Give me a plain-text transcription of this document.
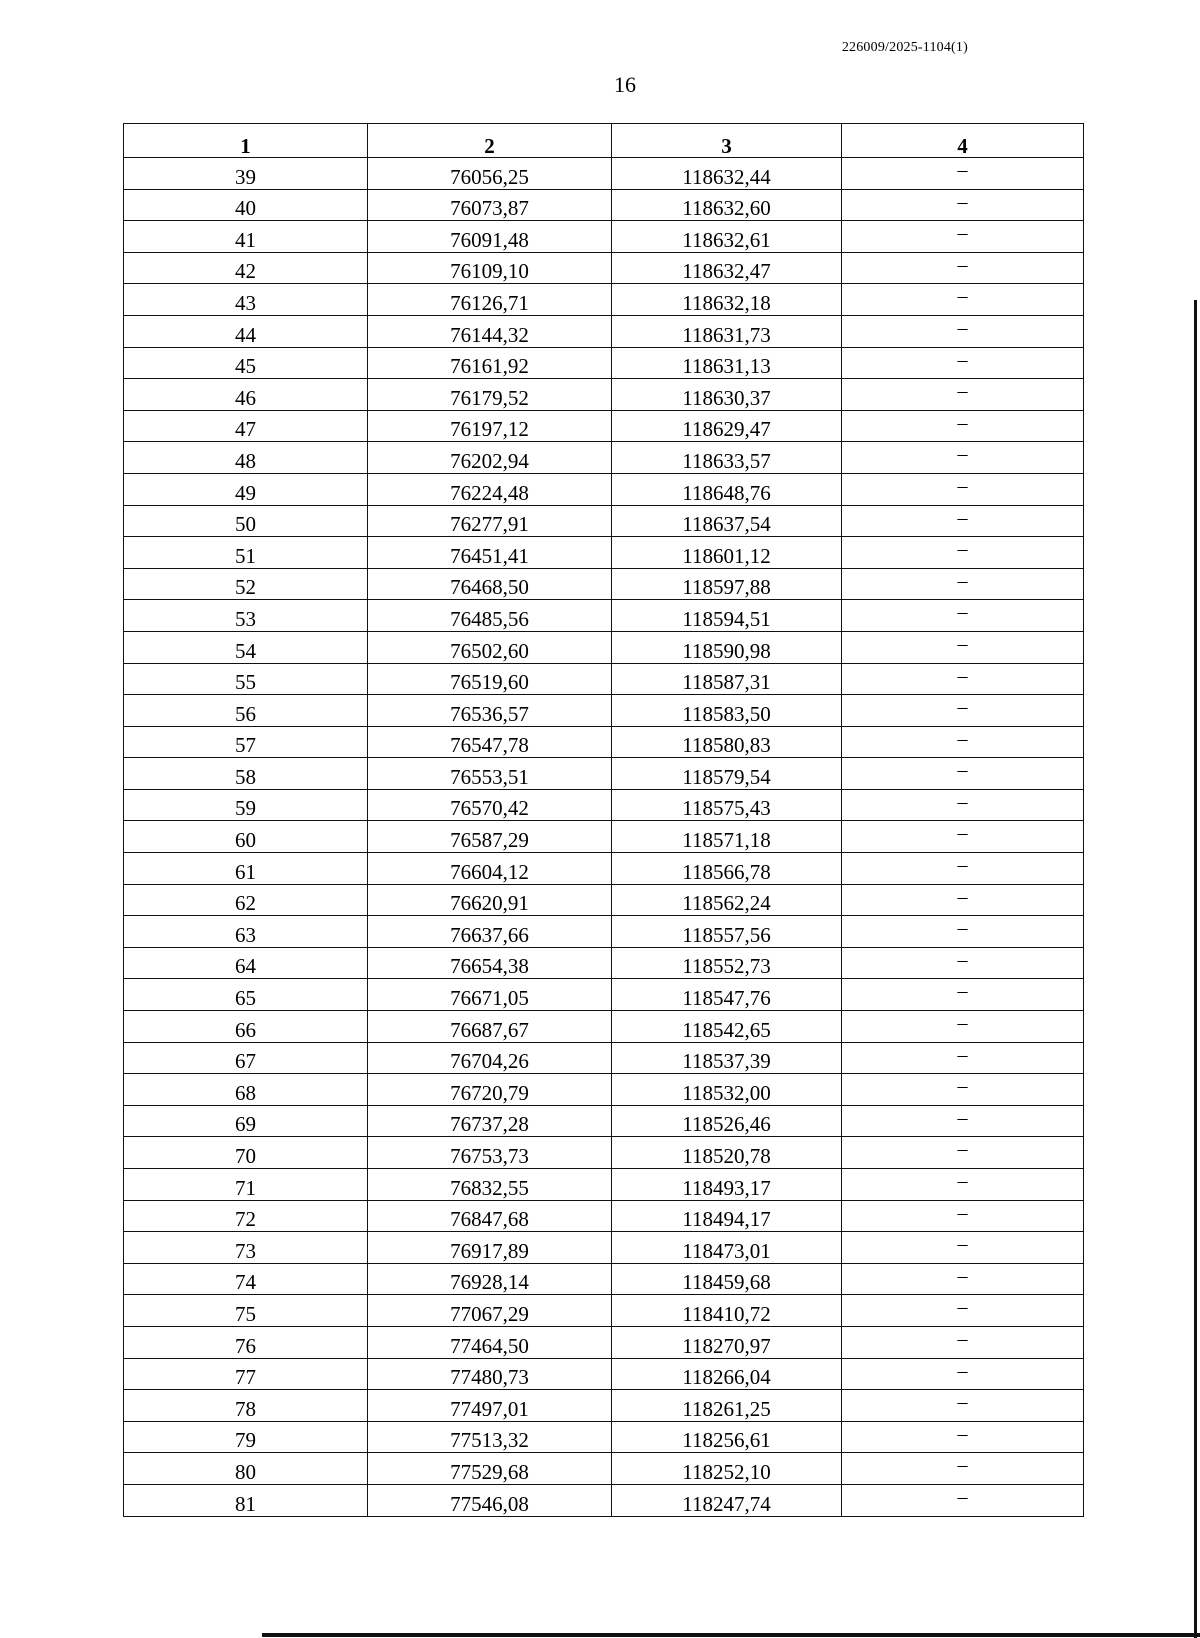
226009/2025-1104(1)
16
1	2	3	4
39	76056,25	118632,44	–
40	76073,87	118632,60	–
41	76091,48	118632,61	–
42	76109,10	118632,47	–
43	76126,71	118632,18	–
44	76144,32	118631,73	–
45	76161,92	118631,13	–
46	76179,52	118630,37	–
47	76197,12	118629,47	–
48	76202,94	118633,57	–
49	76224,48	118648,76	–
50	76277,91	118637,54	–
51	76451,41	118601,12	–
52	76468,50	118597,88	–
53	76485,56	118594,51	–
54	76502,60	118590,98	–
55	76519,60	118587,31	–
56	76536,57	118583,50	–
57	76547,78	118580,83	–
58	76553,51	118579,54	–
59	76570,42	118575,43	–
60	76587,29	118571,18	–
61	76604,12	118566,78	–
62	76620,91	118562,24	–
63	76637,66	118557,56	–
64	76654,38	118552,73	–
65	76671,05	118547,76	–
66	76687,67	118542,65	–
67	76704,26	118537,39	–
68	76720,79	118532,00	–
69	76737,28	118526,46	–
70	76753,73	118520,78	–
71	76832,55	118493,17	–
72	76847,68	118494,17	–
73	76917,89	118473,01	–
74	76928,14	118459,68	–
75	77067,29	118410,72	–
76	77464,50	118270,97	–
77	77480,73	118266,04	–
78	77497,01	118261,25	–
79	77513,32	118256,61	–
80	77529,68	118252,10	–
81	77546,08	118247,74	–
